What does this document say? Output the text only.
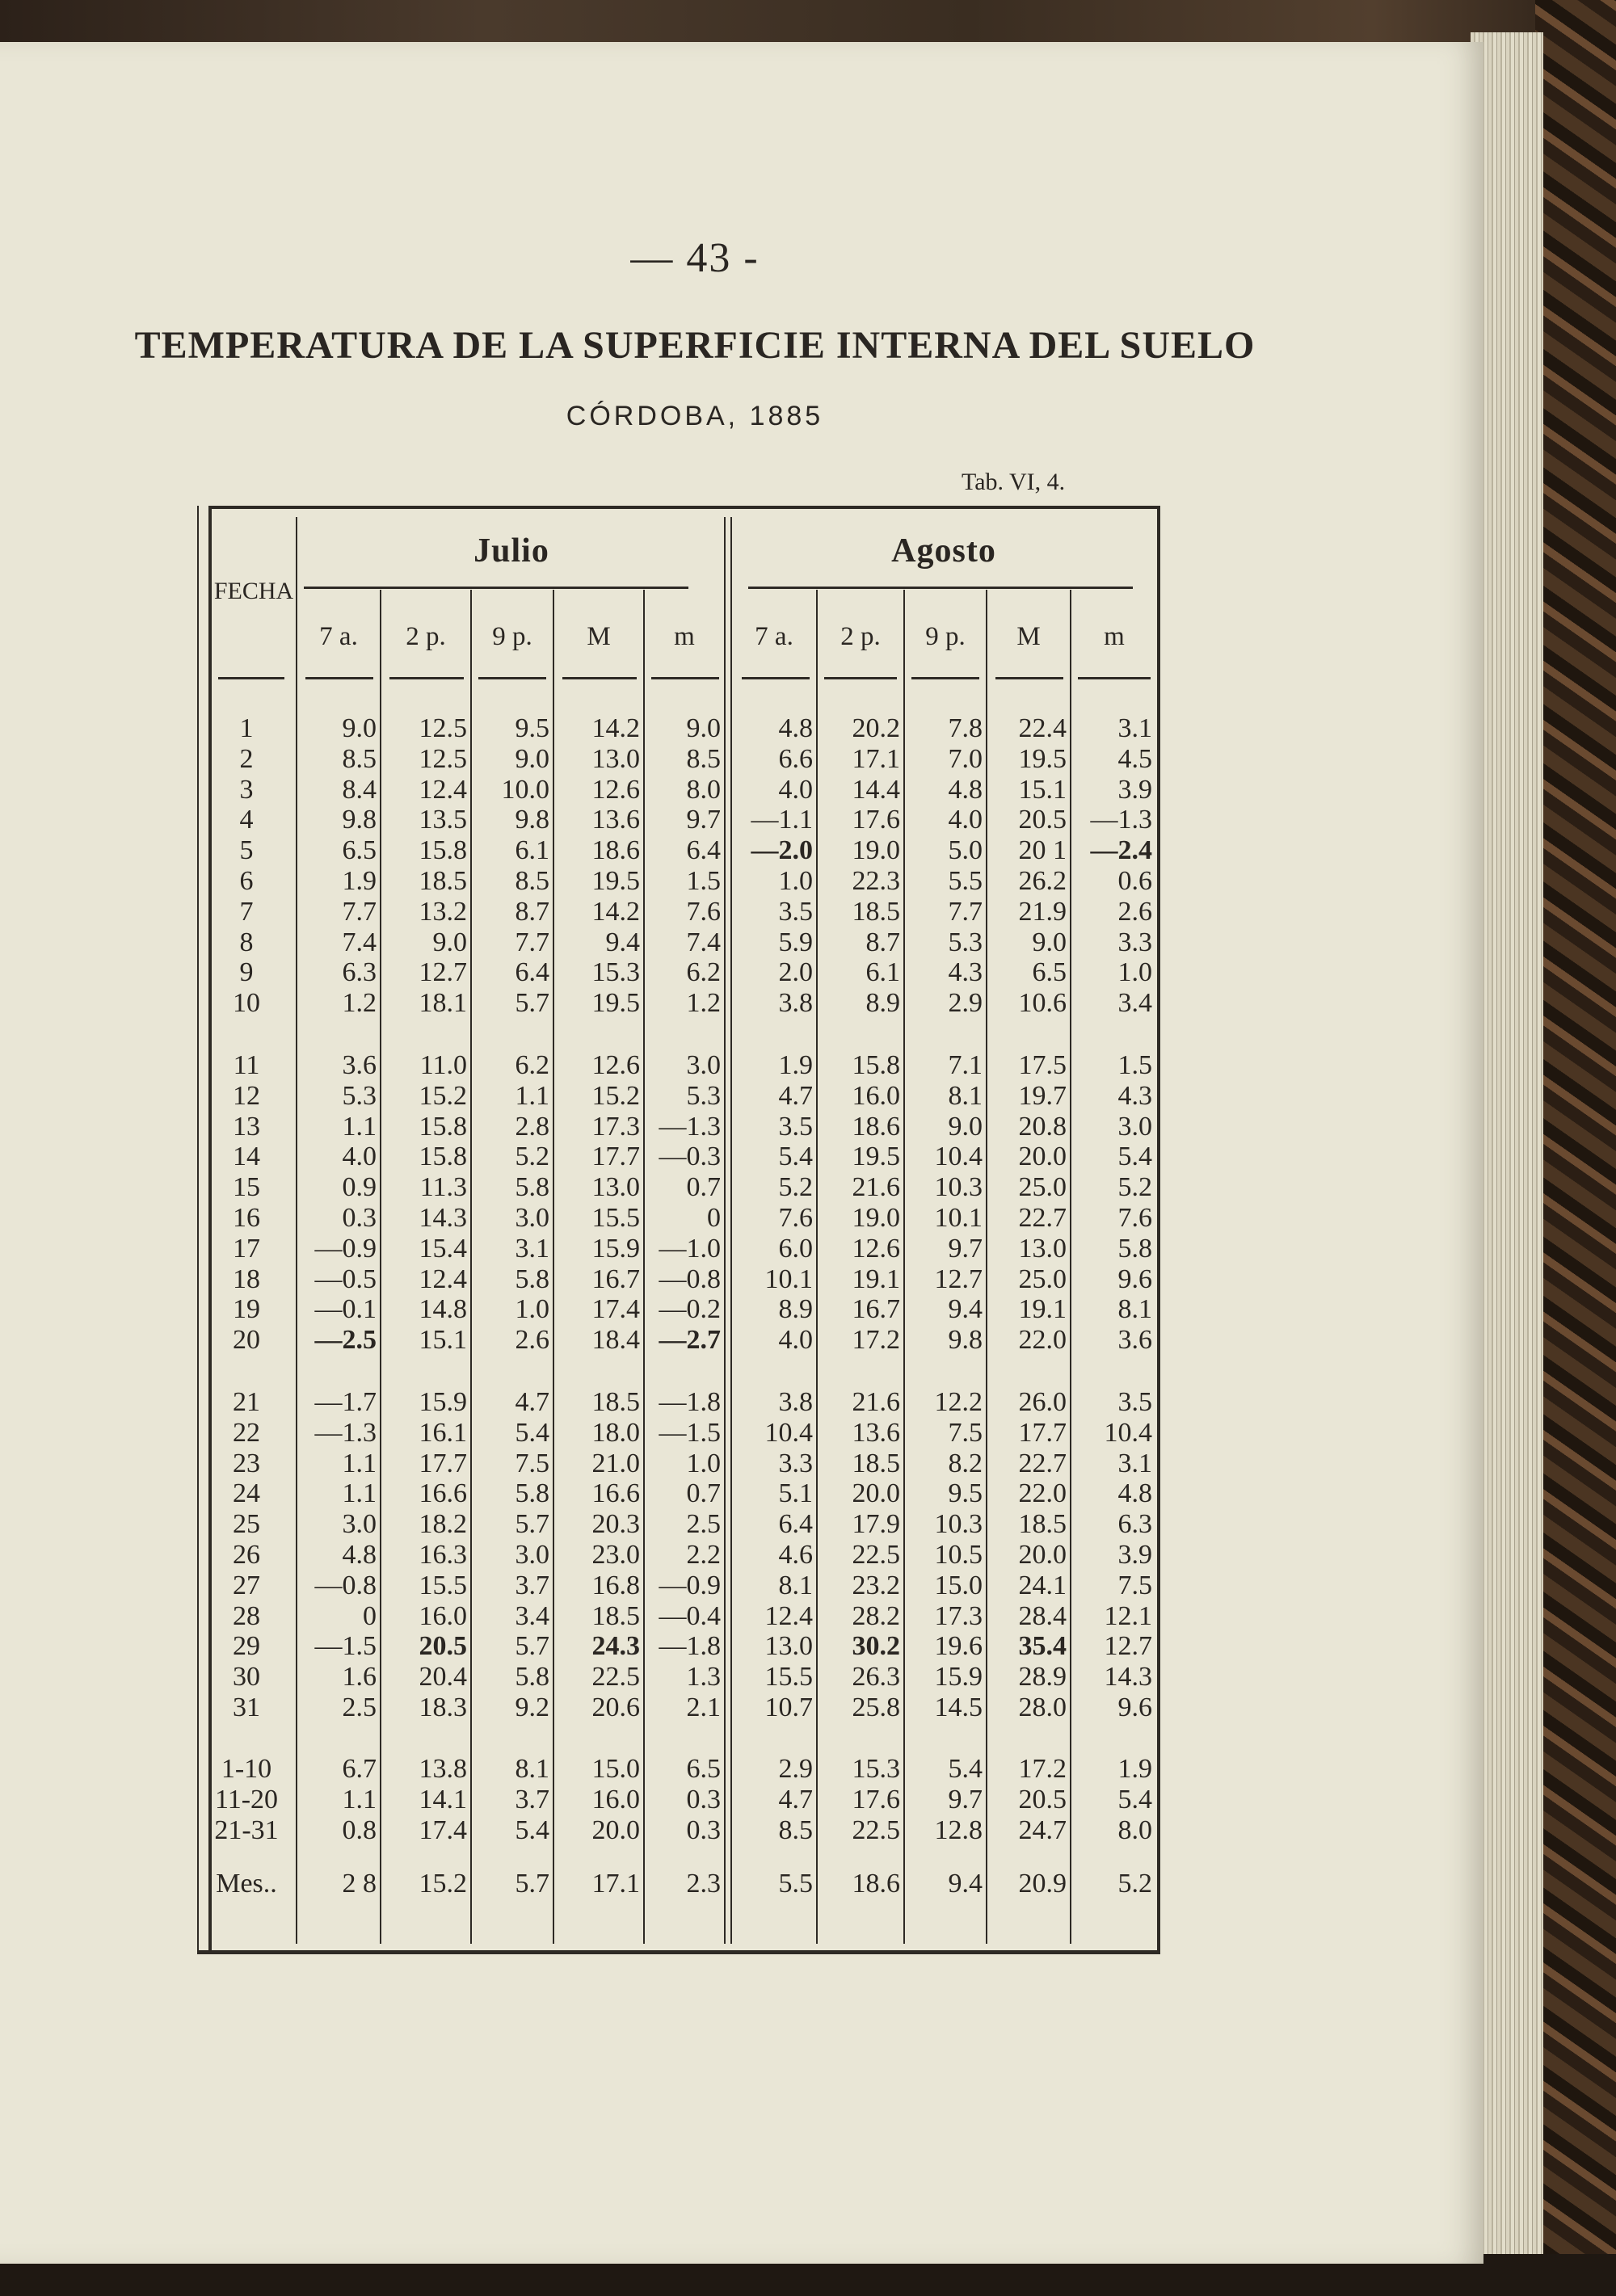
— 43 -
TEMPERATURA DE LA SUPERFICIE INTERNA DEL SUELO
CÓRDOBA, 1885
Tab. VI, 4.
FECHA
Julio	Agosto
7 a.	2 p.	9 p.	M	m	7 a.	2 p.	9 p.	M	m
1	9.0	12.5	9.5	14.2	9.0	4.8	20.2	7.8	22.4	3.1
2	8.5	12.5	9.0	13.0	8.5	6.6	17.1	7.0	19.5	4.5
3	8.4	12.4	10.0	12.6	8.0	4.0	14.4	4.8	15.1	3.9
4	9.8	13.5	9.8	13.6	9.7	—1.1	17.6	4.0	20.5 —1.3
5	6.5	15.8	6.1	18.6	6.4	—2.0	19.0	5.0	20 1 —2.4
6	1.9	18.5	8.5	19.5	1.5	1.0	22.3	5.5	26.2	0.6
7	7.7	13.2	8.7	14.2	7.6	3.5	18.5	7.7	21.9	2.6
8	7.4	9.0	7.7	9.4	7.4	5.9	8.7	5.3	9.0	3.3
9	6.3	12.7	6.4	15.3	6.2	2.0	6.1	4.3	6.5	1.0
10	1.2	18.1	5.7	19.5	1.2	3.8	8.9	2.9	10.6	3.4
11	3.6	11.0	6.2	12.6	3.0	1.9	15.8	7.1	17.5	1.5
12	5.3	15.2	1.1	15.2	5.3	4.7	16.0	8.1	19.7	4.3
13	1.1	15.8	2.8	17.3 —1.3	3.5	18.6	9.0	20.8	3.0
14	4.0	15.8	5.2	17.7 —0.3	5.4	19.5	10.4	20.0	5.4
15	0.9	11.3	5.8	13.0	0.7	5.2	21.6	10.3	25.0	5.2
16	0.3	14.3	3.0	15.5	0	7.6	19.0	10.1	22.7	7.6
17	—0.9	15.4	3.1	15.9 —1.0	6.0	12.6	9.7	13.0	5.8
18	—0.5	12.4	5.8	16.7 —0.8	10.1	19.1	12.7	25.0	9.6
19	—0.1	14.8	1.0	17.4 —0.2	8.9	16.7	9.4	19.1	8.1
20	—2.5	15.1	2.6	18.4 —2.7	4.0	17.2	9.8	22.0	3.6
21	—1.7	15.9	4.7	18.5 —1.8	3.8	21.6	12.2	26.0	3.5
22	—1.3	16.1	5.4	18.0 —1.5	10.4	13.6	7.5	17.7	10.4
23	1.1	17.7	7.5	21.0	1.0	3.3	18.5	8.2	22.7	3.1
24	1.1	16.6	5.8	16.6	0.7	5.1	20.0	9.5	22.0	4.8
25	3.0	18.2	5.7	20.3	2.5	6.4	17.9	10.3	18.5	6.3
26	4.8	16.3	3.0	23.0	2.2	4.6	22.5	10.5	20.0	3.9
27	—0.8	15.5	3.7	16.8 —0.9	8.1	23.2	15.0	24.1	7.5
28	0	16.0	3.4	18.5 —0.4	12.4	28.2	17.3	28.4	12.1
29	—1.5	20.5	5.7	24.3 —1.8	13.0	30.2	19.6	35.4	12.7
30	1.6	20.4	5.8	22.5	1.3	15.5	26.3	15.9	28.9	14.3
31	2.5	18.3	9.2	20.6	2.1	10.7	25.8	14.5	28.0	9.6
1-10	6.7	13.8	8.1	15.0	6.5	2.9	15.3	5.4	17.2	1.9
11-20	1.1	14.1	3.7	16.0	0.3	4.7	17.6	9.7	20.5	5.4
21-31	0.8	17.4	5.4	20.0	0.3	8.5	22.5	12.8	24.7	8.0
Mes..	2 8	15.2	5.7	17.1	2.3	5.5	18.6	9.4	20.9	5.2
